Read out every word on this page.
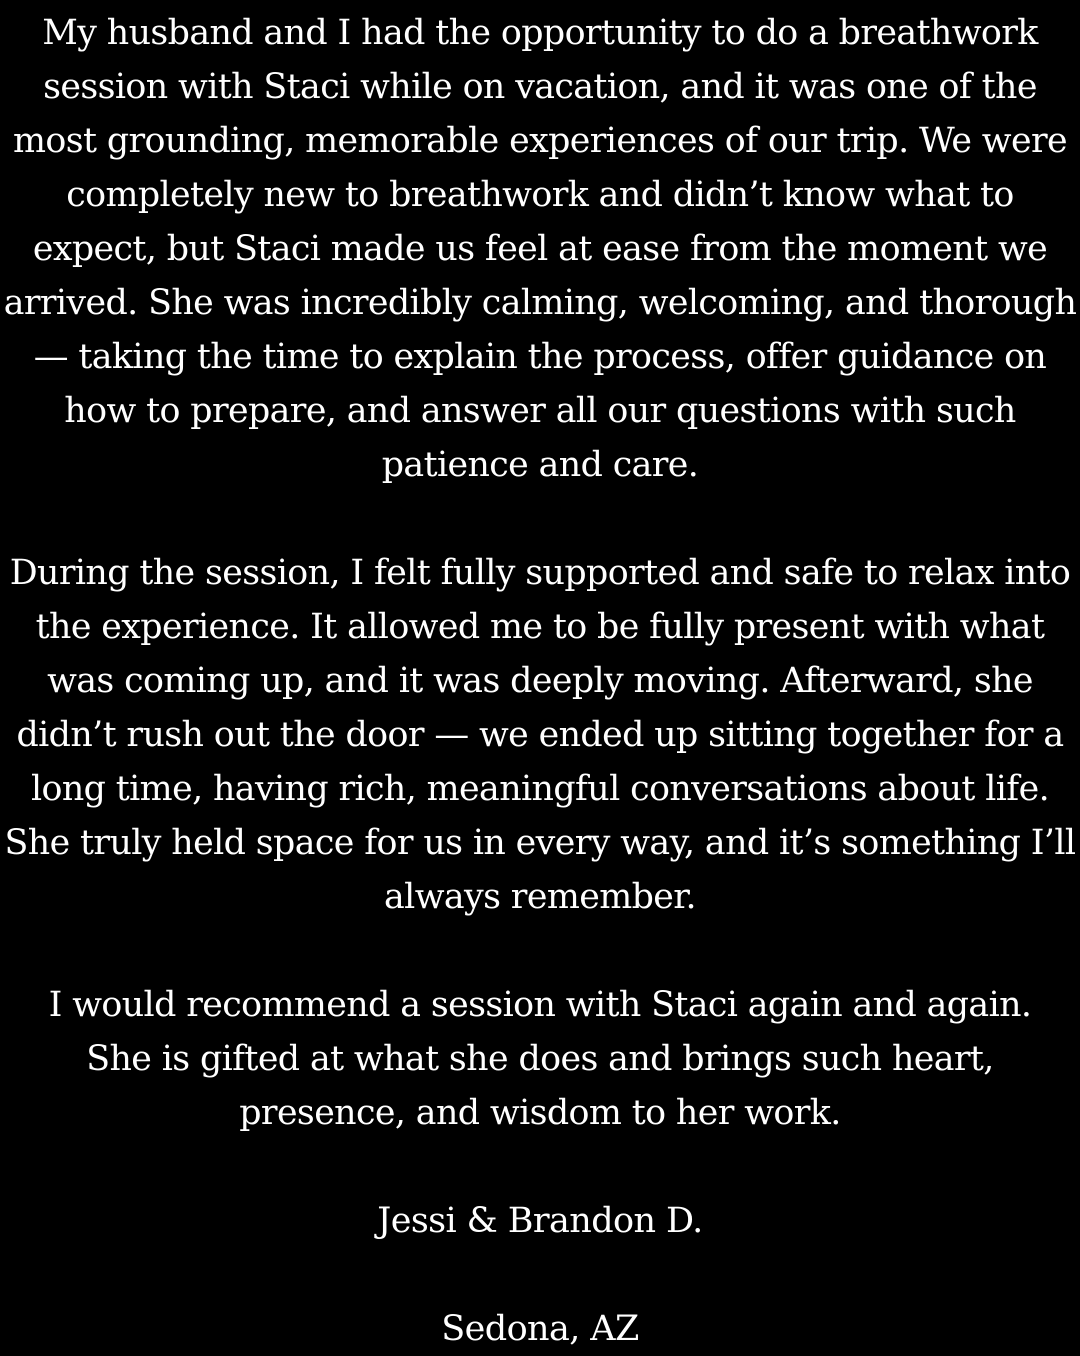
My husband and I had the opportunity to do a breathwork
session with Staci while on vacation, and it was one of the
most grounding, memorable experiences of our trip. We were
completely new to breathwork and didn’t know what to
expect, but Staci made us feel at ease from the moment we
arrived. She was incredibly calming, welcoming, and thorough
— taking the time to explain the process, offer guidance on
how to prepare, and answer all our questions with such
patience and care.

During the session, I felt fully supported and safe to relax into
the experience. It allowed me to be fully present with what
was coming up, and it was deeply moving. Afterward, she
didn’t rush out the door — we ended up sitting together for a
long time, having rich, meaningful conversations about life.
She truly held space for us in every way, and it’s something I’ll
always remember.

I would recommend a session with Staci again and again.
She is gifted at what she does and brings such heart,
presence, and wisdom to her work.

Jessi & Brandon D.

Sedona, AZ
